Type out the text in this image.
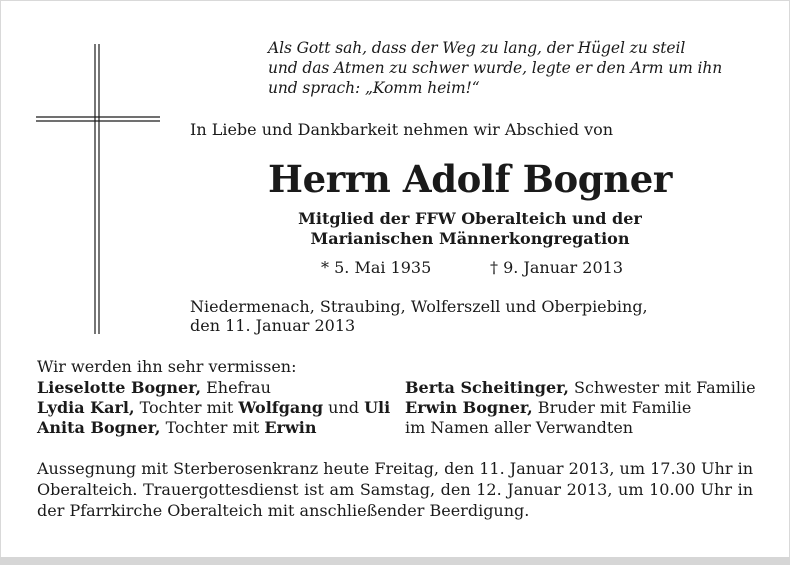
Als Gott sah, dass der Weg zu lang, der Hügel zu steil
und das Atmen zu schwer wurde, legte er den Arm um ihn
und sprach: „Komm heim!“
In Liebe und Dankbarkeit nehmen wir Abschied von
Herrn Adolf Bogner
Mitglied der FFW Oberalteich und der
Marianischen Männerkongregation
* 5. Mai 1935	† 9. Januar 2013
Niedermenach, Straubing, Wolferszell und Oberpiebing,
den 11. Januar 2013
Wir werden ihn sehr vermissen:
Lieselotte Bogner, Ehefrau
Lydia Karl, Tochter mit Wolfgang und Uli
Anita Bogner, Tochter mit Erwin
Berta Scheitinger, Schwester mit Familie
Erwin Bogner, Bruder mit Familie
im Namen aller Verwandten
Aussegnung mit Sterberosenkranz heute Freitag, den 11. Januar 2013, um 17.30 Uhr in Oberalteich. Trauergottesdienst ist am Samstag, den 12. Januar 2013, um 10.00 Uhr in der Pfarrkirche Oberalteich mit anschließender Beerdigung.
